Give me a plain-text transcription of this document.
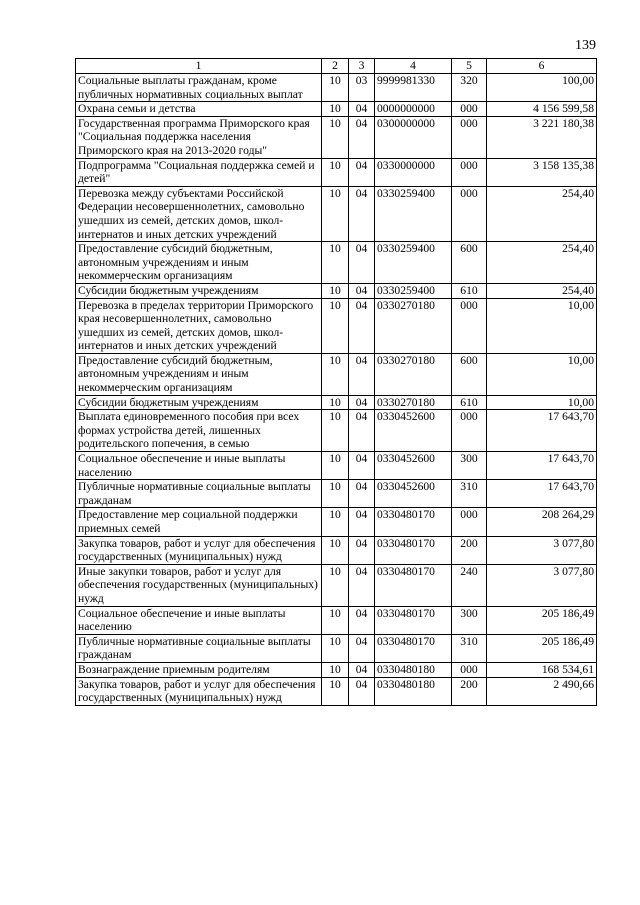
139
1	2	3	4	5	6
Социальные выплаты гражданам, кроме публичных нормативных социальных выплат	10	03	9999981330	320	100,00
Охрана семьи и детства	10	04	0000000000	000	4 156 599,58
Государственная программа Приморского края "Социальная поддержка населения Приморского края на 2013-2020 годы"	10	04	0300000000	000	3 221 180,38
Подпрограмма "Социальная поддержка семей и детей"	10	04	0330000000	000	3 158 135,38
Перевозка между субъектами Российской Федерации несовершеннолетних, самовольно ушедших из семей, детских домов, школ-интернатов и иных детских учреждений	10	04	0330259400	000	254,40
Предоставление субсидий бюджетным, автономным учреждениям и иным некоммерческим организациям	10	04	0330259400	600	254,40
Субсидии бюджетным учреждениям	10	04	0330259400	610	254,40
Перевозка в пределах территории Приморского края несовершеннолетних, самовольно ушедших из семей, детских домов, школ-интернатов и иных детских учреждений	10	04	0330270180	000	10,00
Предоставление субсидий бюджетным, автономным учреждениям и иным некоммерческим организациям	10	04	0330270180	600	10,00
Субсидии бюджетным учреждениям	10	04	0330270180	610	10,00
Выплата единовременного пособия при всех формах устройства детей, лишенных родительского попечения, в семью	10	04	0330452600	000	17 643,70
Социальное обеспечение и иные выплаты населению	10	04	0330452600	300	17 643,70
Публичные нормативные социальные выплаты гражданам	10	04	0330452600	310	17 643,70
Предоставление мер социальной поддержки приемных семей	10	04	0330480170	000	208 264,29
Закупка товаров, работ и услуг для обеспечения государственных (муниципальных) нужд	10	04	0330480170	200	3 077,80
Иные закупки товаров, работ и услуг для обеспечения государственных (муниципальных) нужд	10	04	0330480170	240	3 077,80
Социальное обеспечение и иные выплаты населению	10	04	0330480170	300	205 186,49
Публичные нормативные социальные выплаты гражданам	10	04	0330480170	310	205 186,49
Вознаграждение приемным родителям	10	04	0330480180	000	168 534,61
Закупка товаров, работ и услуг для обеспечения государственных (муниципальных) нужд	10	04	0330480180	200	2 490,66
